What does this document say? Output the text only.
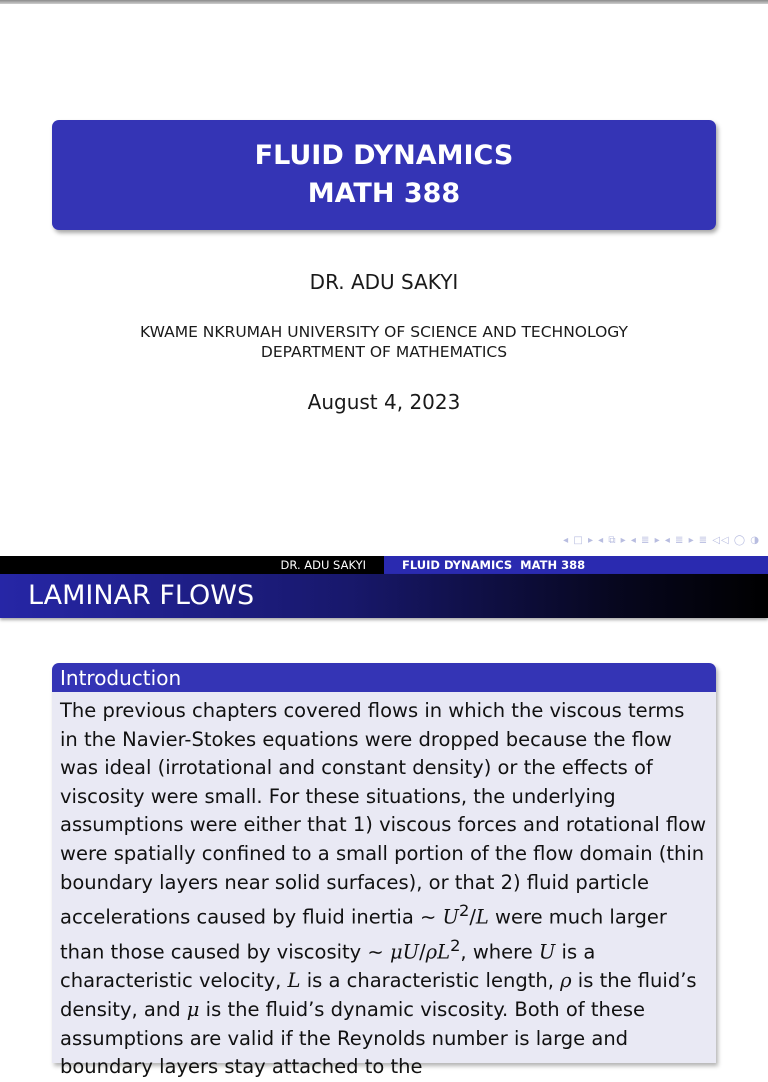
FLUID DYNAMICS
MATH 388
DR. ADU SAKYI
KWAME NKRUMAH UNIVERSITY OF SCIENCE AND TECHNOLOGY
DEPARTMENT OF MATHEMATICS
August 4, 2023
◂ □ ▸ ◂ ⧉ ▸ ◂ ≣ ▸ ◂ ≣ ▸ ≣ ◁◁ ◯ ◑
DR. ADU SAKYI	FLUID DYNAMICS  MATH 388
LAMINAR FLOWS
Introduction
The previous chapters covered flows in which the viscous terms in the Navier-Stokes equations were dropped because the flow was ideal (irrotational and constant density) or the effects of viscosity were small. For these situations, the underlying assumptions were either that 1) viscous forces and rotational flow were spatially confined to a small portion of the flow domain (thin boundary layers near solid surfaces), or that 2) fluid particle accelerations caused by fluid inertia ∼ $U^2/L$ were much larger than those caused by viscosity ∼ $\mu U/\rho L^2$, where U is a characteristic velocity, L is a characteristic length, ρ is the fluid’s density, and μ is the fluid’s dynamic viscosity. Both of these assumptions are valid if the Reynolds number is large and boundary layers stay attached to the
